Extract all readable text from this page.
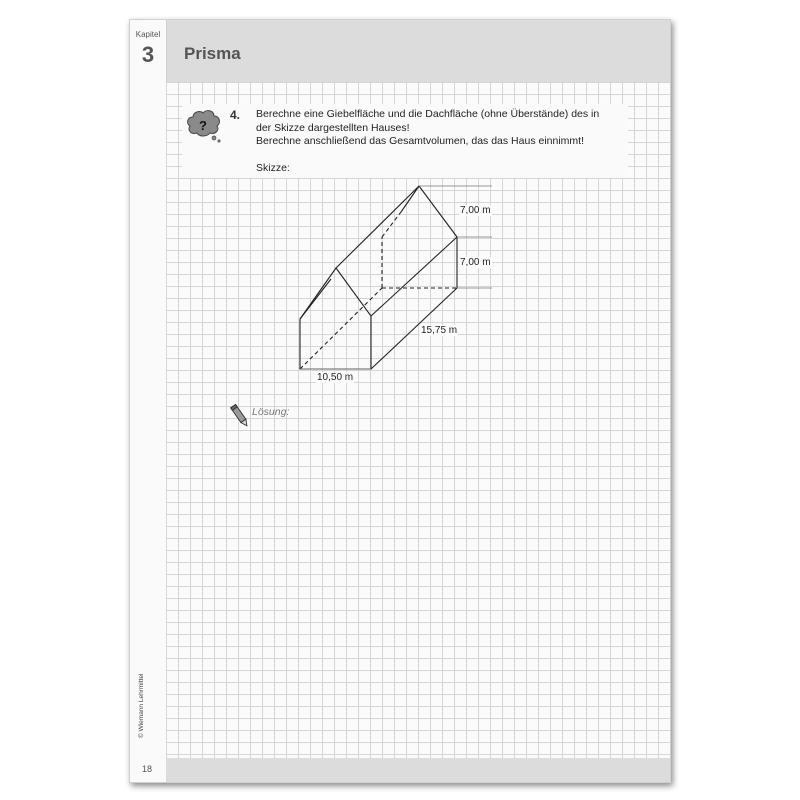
Kapitel
3	Prisma
?
4. Berechne eine Giebelfläche und die Dachfläche (ohne Überstände) des in
der Skizze dargestellten Hauses!
Berechne anschließend das Gesamtvolumen, das das Haus einnimmt!
Skizze:
7,00 m
7,00 m
15,75 m
10,50 m
Lösung:
© Wiemann Lehrmittel
18
